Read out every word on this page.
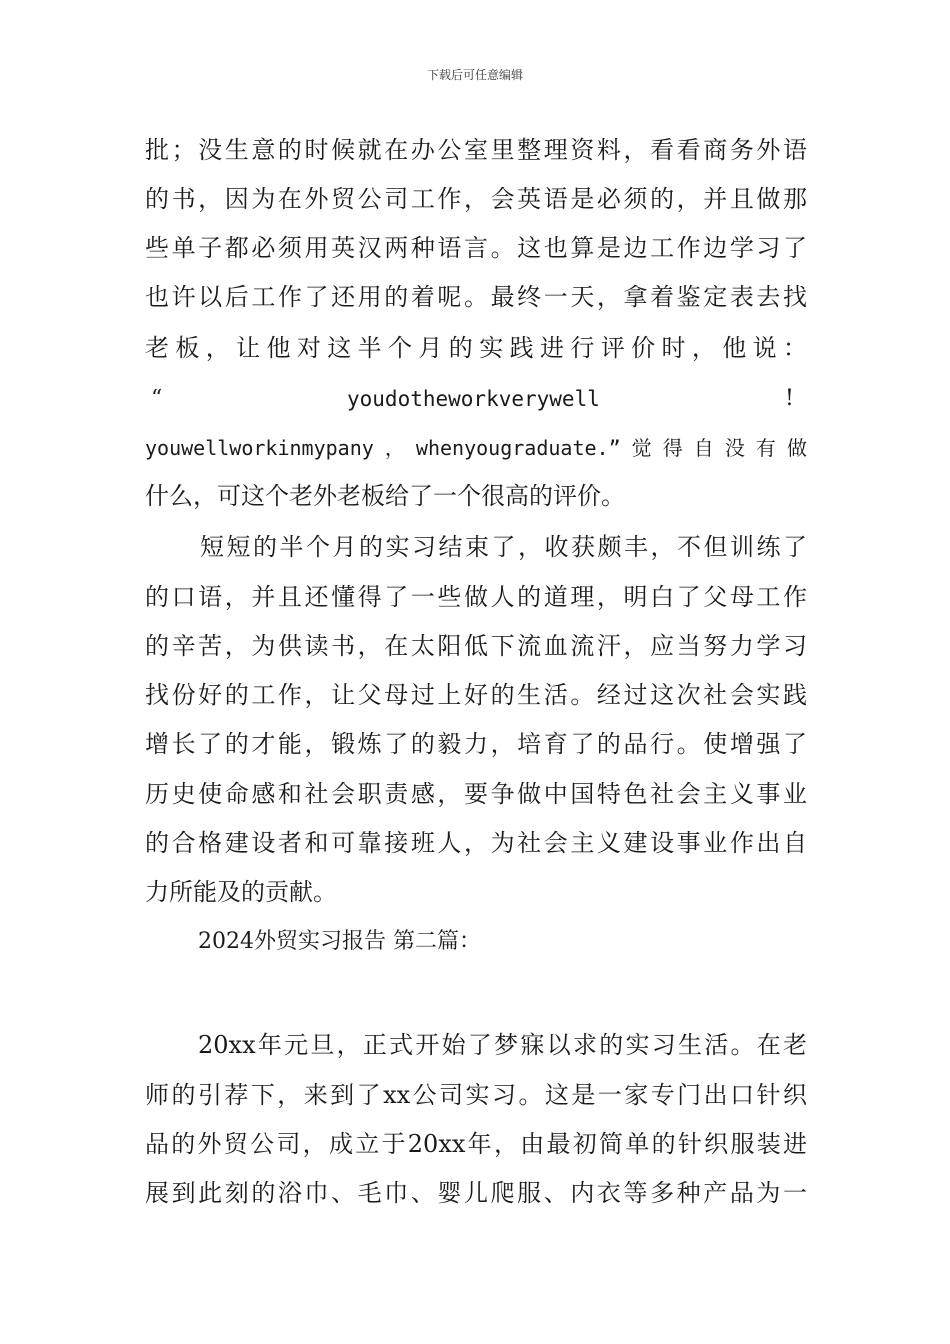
下载后可任意编辑
批；没生意的时候就在办公室里整理资料，看看商务外语
的书，因为在外贸公司工作，会英语是必须的，并且做那
些单子都必须用英汉两种语言。这也算是边工作边学习了
也许以后工作了还用的着呢。最终一天，拿着鉴定表去找
老板，让他对这半个月的实践进行评价时，他说：
“	youdotheworkverywell	!
youwellworkinmypany，whenyougraduate.”觉得自没有做
什么，可这个老外老板给了一个很高的评价。
短短的半个月的实习结束了，收获颇丰，不但训练了
的口语，并且还懂得了一些做人的道理，明白了父母工作
的辛苦，为供读书，在太阳低下流血流汗，应当努力学习
找份好的工作，让父母过上好的生活。经过这次社会实践
增长了的才能，锻炼了的毅力，培育了的品行。使增强了
历史使命感和社会职责感，要争做中国特色社会主义事业
的合格建设者和可靠接班人，为社会主义建设事业作出自
力所能及的贡献。
2024外贸实习报告 第二篇：
20xx年元旦，正式开始了梦寐以求的实习生活。在老
师的引荐下，来到了xx公司实习。这是一家专门出口针织
品的外贸公司，成立于20xx年，由最初简单的针织服装进
展到此刻的浴巾、毛巾、婴儿爬服、内衣等多种产品为一
